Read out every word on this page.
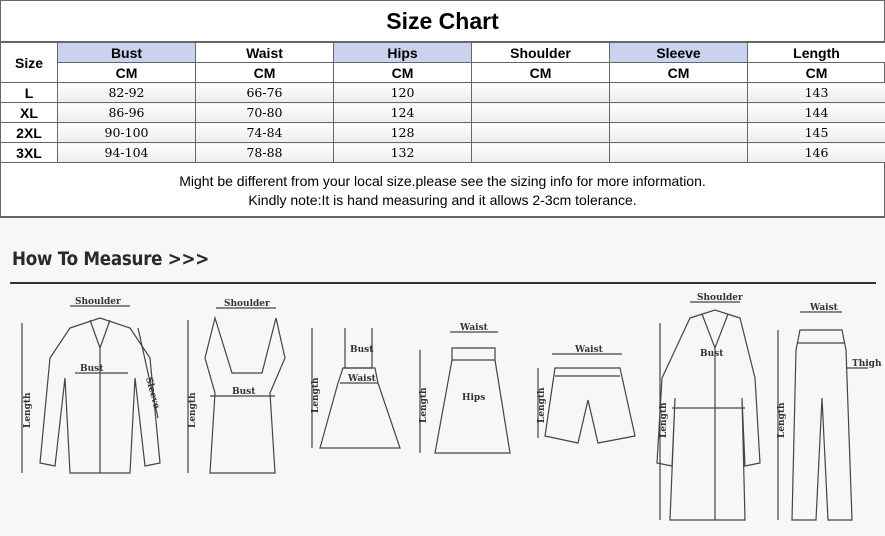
Size Chart
Size	Bust	Waist	Hips	Shoulder	Sleeve	Length
	CM	CM	CM	CM	CM	CM
L	82-92	66-76	120			143
XL	86-96	70-80	124			144
2XL	90-100	74-84	128			145
3XL	94-104	78-88	132			146
Might be different from your local size.please see the sizing info for more information.
Kindly note:It is hand measuring and it allows 2-3cm tolerance.
How To Measure >>>
Shoulder
Bust
Sleeve
Length
Shoulder
Bust
Length
Bust
Waist
Length
Waist
Hips
Length
Waist
Length
Shoulder
Bust
Length
Waist
Thigh
Length
